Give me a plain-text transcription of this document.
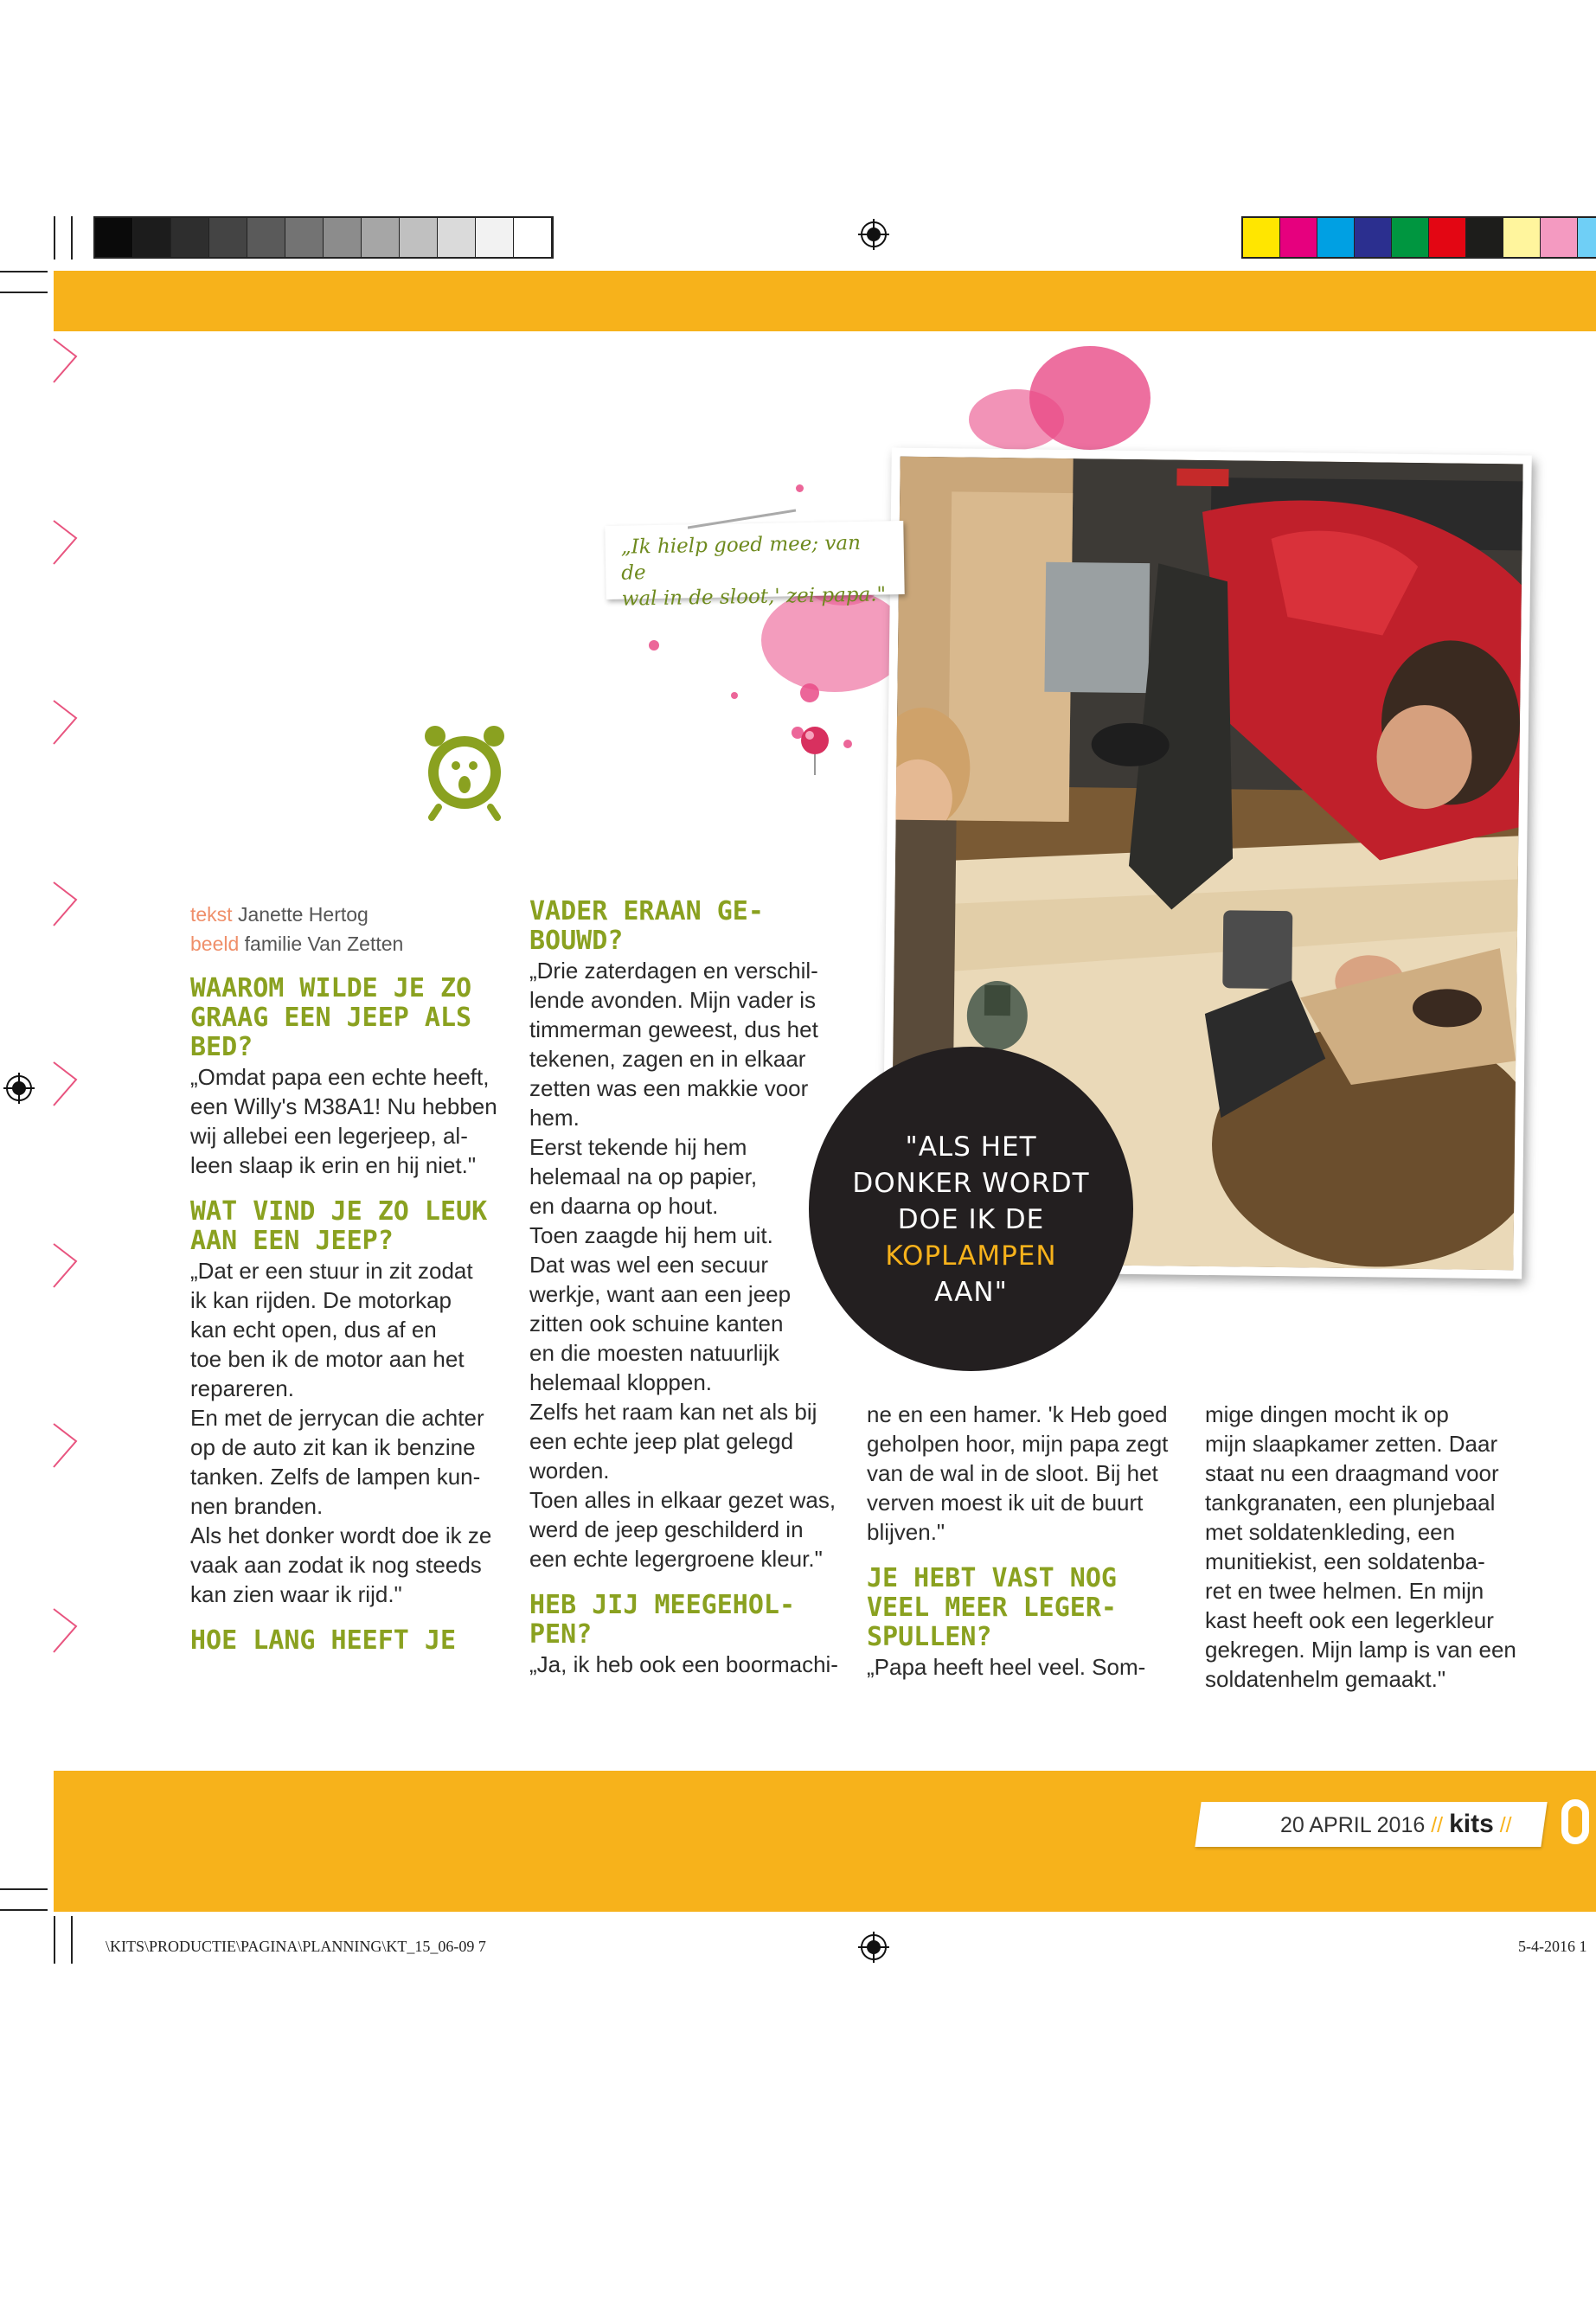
„Ik hielp goed mee; van de
wal in de sloot,' zei papa."
"ALS HET
DONKER WORDT
DOE IK DE
KOPLAMPEN
AAN"
tekst Janette Hertog
beeld familie Van Zetten
WAAROM WILDE JE ZO
GRAAG EEN JEEP ALS
BED?
„Omdat papa een echte heeft,
een Willy's M38A1! Nu hebben
wij allebei een legerjeep, al-
leen slaap ik erin en hij niet."
WAT VIND JE ZO LEUK
AAN EEN JEEP?
„Dat er een stuur in zit zodat
ik kan rijden. De motorkap
kan echt open, dus af en
toe ben ik de motor aan het
repareren.
En met de jerrycan die achter
op de auto zit kan ik benzine
tanken. Zelfs de lampen kun-
nen branden.
Als het donker wordt doe ik ze
vaak aan zodat ik nog steeds
kan zien waar ik rijd."
HOE LANG HEEFT JE
VADER ERAAN GE-
BOUWD?
„Drie zaterdagen en verschil-
lende avonden. Mijn vader is
timmerman geweest, dus het
tekenen, zagen en in elkaar
zetten was een makkie voor
hem.
Eerst tekende hij hem
helemaal na op papier,
en daarna op hout.
Toen zaagde hij hem uit.
Dat was wel een secuur
werkje, want aan een jeep
zitten ook schuine kanten
en die moesten natuurlijk
helemaal kloppen.
Zelfs het raam kan net als bij
een echte jeep plat gelegd
worden.
Toen alles in elkaar gezet was,
werd de jeep geschilderd in
een echte legergroene kleur."
HEB JIJ MEEGEHOL-
PEN?
„Ja, ik heb ook een boormachi-
ne en een hamer. 'k Heb goed
geholpen hoor, mijn papa zegt
van de wal in de sloot. Bij het
verven moest ik uit de buurt
blijven."
JE HEBT VAST NOG
VEEL MEER LEGER-
SPULLEN?
„Papa heeft heel veel. Som-
mige dingen mocht ik op
mijn slaapkamer zetten. Daar
staat nu een draagmand voor
tankgranaten, een plunjebaal
met soldatenkleding, een
munitiekist, een soldatenba-
ret en twee helmen. En mijn
kast heeft ook een legerkleur
gekregen. Mijn lamp is van een
soldatenhelm gemaakt."
20 APRIL 2016 // kits //
\KITS\PRODUCTIE\PAGINA\PLANNING\KT_15_06-09 7	5-4-2016 1
